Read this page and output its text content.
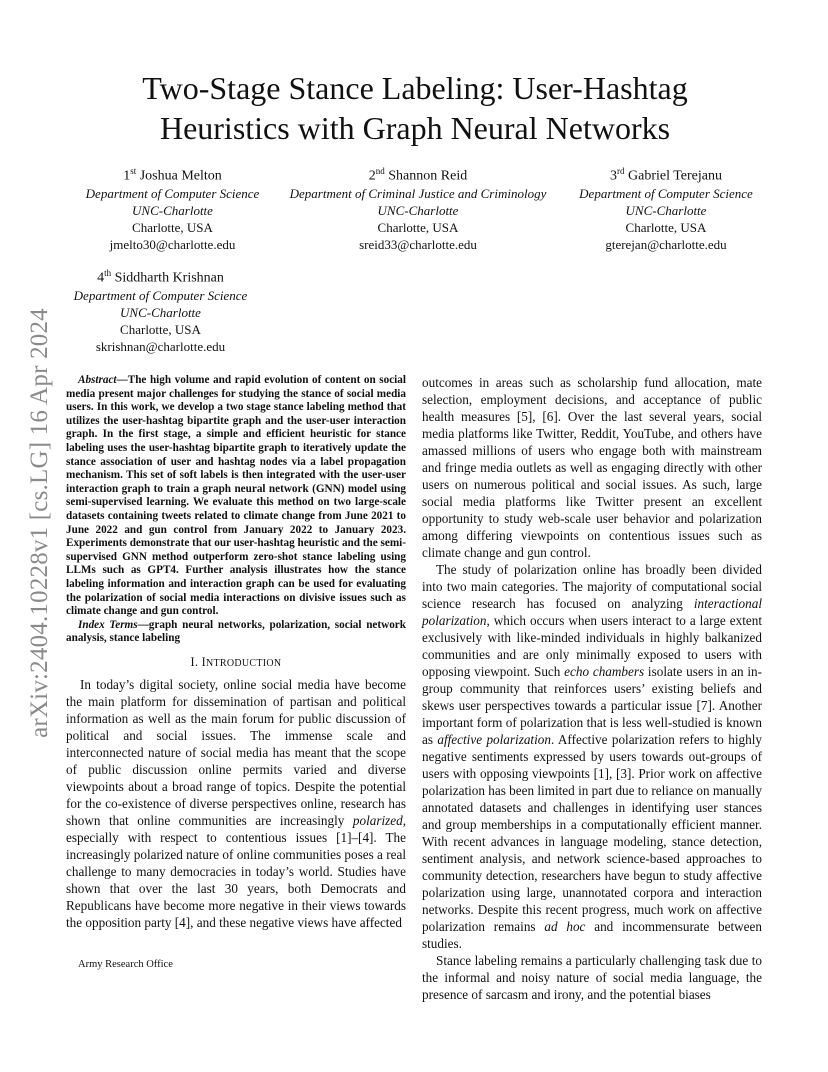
arXiv:2404.10228v1 [cs.LG] 16 Apr 2024
Two-Stage Stance Labeling: User-Hashtag
Heuristics with Graph Neural Networks
1st Joshua Melton
Department of Computer Science
UNC-Charlotte
Charlotte, USA
jmelto30@charlotte.edu
2nd Shannon Reid
Department of Criminal Justice and Criminology
UNC-Charlotte
Charlotte, USA
sreid33@charlotte.edu
3rd Gabriel Terejanu
Department of Computer Science
UNC-Charlotte
Charlotte, USA
gterejan@charlotte.edu
4th Siddharth Krishnan
Department of Computer Science
UNC-Charlotte
Charlotte, USA
skrishnan@charlotte.edu

Abstract—The high volume and rapid evolution of content on social media present major challenges for studying the stance of social media users. In this work, we develop a two stage stance labeling method that utilizes the user-hashtag bipartite graph and the user-user interaction graph. In the first stage, a simple and efficient heuristic for stance labeling uses the user-hashtag bipartite graph to iteratively update the stance association of user and hashtag nodes via a label propagation mechanism. This set of soft labels is then integrated with the user-user interaction graph to train a graph neural network (GNN) model using semi-supervised learning. We evaluate this method on two large-scale datasets containing tweets related to climate change from June 2021 to June 2022 and gun control from January 2022 to January 2023. Experiments demonstrate that our user-hashtag heuristic and the semi-supervised GNN method outperform zero-shot stance labeling using LLMs such as GPT4. Further analysis illustrates how the stance labeling information and interaction graph can be used for evaluating the polarization of social media interactions on divisive issues such as climate change and gun control.

Index Terms—graph neural networks, polarization, social network analysis, stance labeling

I. INTRODUCTION

In today’s digital society, online social media have become the main platform for dissemination of partisan and political information as well as the main forum for public discussion of political and social issues. The immense scale and interconnected nature of social media has meant that the scope of public discussion online permits varied and diverse viewpoints about a broad range of topics. Despite the potential for the co-existence of diverse perspectives online, research has shown that online communities are increasingly polarized, especially with respect to contentious issues [1]–[4]. The increasingly polarized nature of online communities poses a real challenge to many democracies in today’s world. Studies have shown that over the last 30 years, both Democrats and Republicans have become more negative in their views towards the opposition party [4], and these negative views have affected

outcomes in areas such as scholarship fund allocation, mate selection, employment decisions, and acceptance of public health measures [5], [6]. Over the last several years, social media platforms like Twitter, Reddit, YouTube, and others have amassed millions of users who engage both with mainstream and fringe media outlets as well as engaging directly with other users on numerous political and social issues. As such, large social media platforms like Twitter present an excellent opportunity to study web-scale user behavior and polarization among differing viewpoints on contentious issues such as climate change and gun control.

The study of polarization online has broadly been divided into two main categories. The majority of computational social science research has focused on analyzing interactional polarization, which occurs when users interact to a large extent exclusively with like-minded individuals in highly balkanized communities and are only minimally exposed to users with opposing viewpoint. Such echo chambers isolate users in an in-group community that reinforces users’ existing beliefs and skews user perspectives towards a particular issue [7]. Another important form of polarization that is less well-studied is known as affective polarization. Affective polarization refers to highly negative sentiments expressed by users towards out-groups of users with opposing viewpoints [1], [3]. Prior work on affective polarization has been limited in part due to reliance on manually annotated datasets and challenges in identifying user stances and group memberships in a computationally efficient manner. With recent advances in language modeling, stance detection, sentiment analysis, and network science-based approaches to community detection, researchers have begun to study affective polarization using large, unannotated corpora and interaction networks. Despite this recent progress, much work on affective polarization remains ad hoc and incommensurate between studies.

Stance labeling remains a particularly challenging task due to the informal and noisy nature of social media language, the presence of sarcasm and irony, and the potential biases

Army Research Office
